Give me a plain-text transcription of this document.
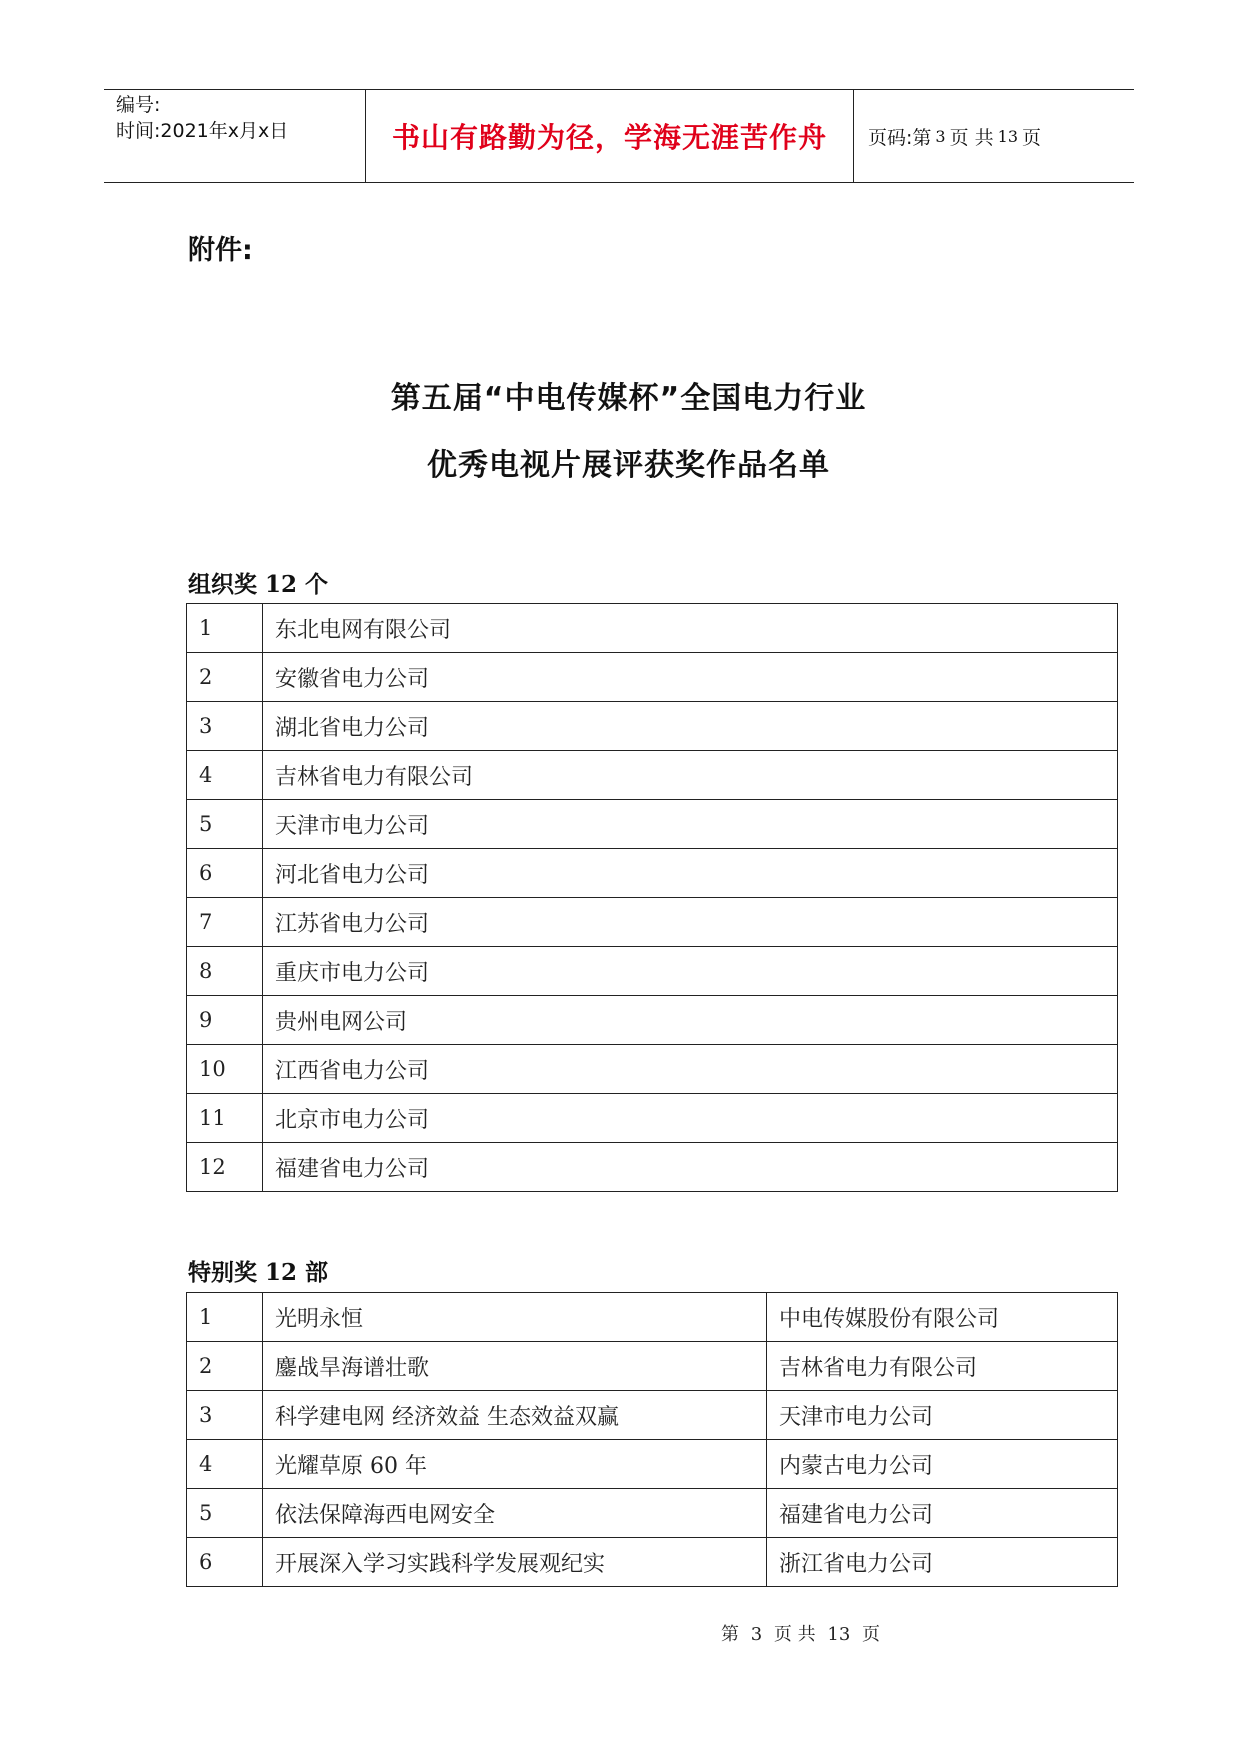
编号:
时间:2021年x月x日	书山有路勤为径，学海无涯苦作舟	页码:第 3 页 共 13 页
附件:
第五届“中电传媒杯”全国电力行业
优秀电视片展评获奖作品名单
组织奖 12 个
1	东北电网有限公司
2	安徽省电力公司
3	湖北省电力公司
4	吉林省电力有限公司
5	天津市电力公司
6	河北省电力公司
7	江苏省电力公司
8	重庆市电力公司
9	贵州电网公司
10	江西省电力公司
11	北京市电力公司
12	福建省电力公司
特别奖 12 部
1	光明永恒	中电传媒股份有限公司
2	鏖战旱海谱壮歌	吉林省电力有限公司
3	科学建电网 经济效益 生态效益双赢	天津市电力公司
4	光耀草原 60 年	内蒙古电力公司
5	依法保障海西电网安全	福建省电力公司
6	开展深入学习实践科学发展观纪实	浙江省电力公司
第 3 页 共 13 页
